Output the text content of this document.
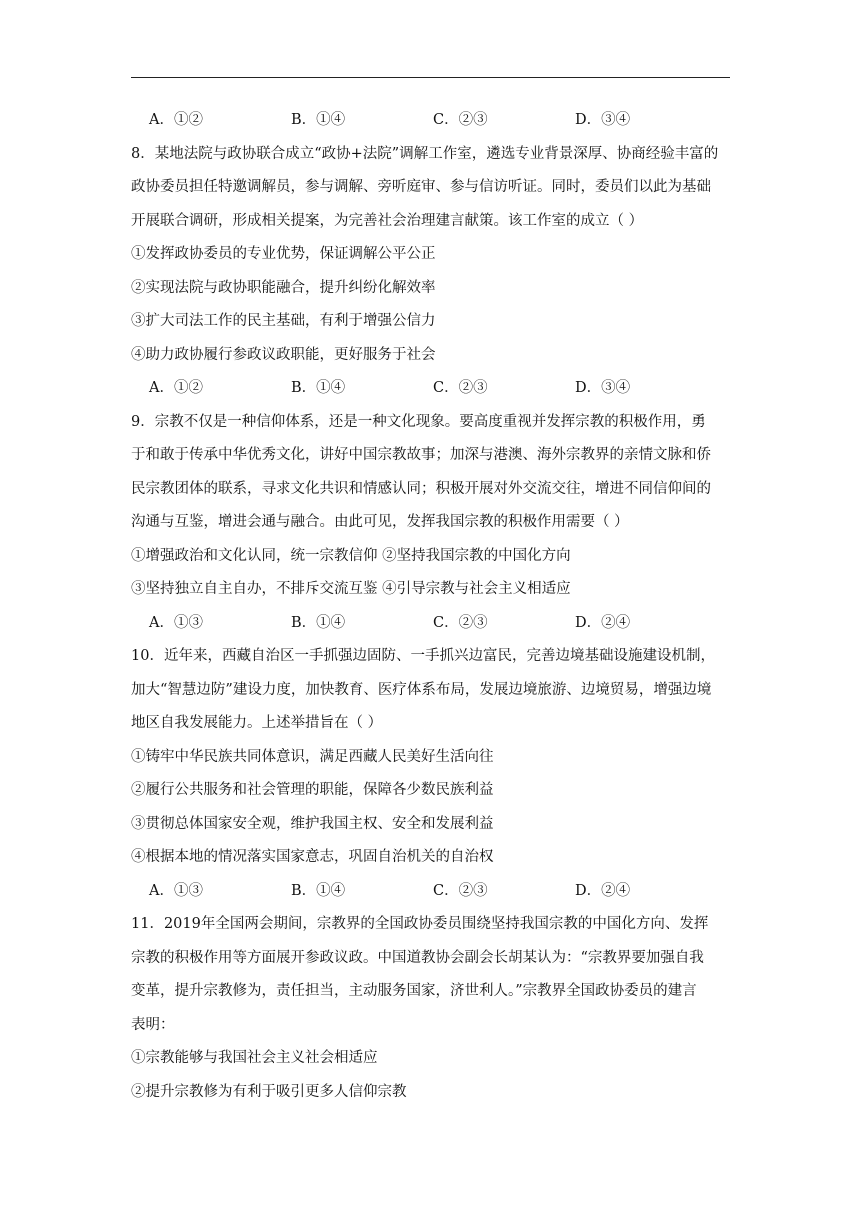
A．①②	B．①④	C．②③	D．③④
8．某地法院与政协联合成立“政协+法院”调解工作室，遴选专业背景深厚、协商经验丰富的
政协委员担任特邀调解员，参与调解、旁听庭审、参与信访听证。同时，委员们以此为基础
开展联合调研，形成相关提案，为完善社会治理建言献策。该工作室的成立（ ）
①发挥政协委员的专业优势，保证调解公平公正
②实现法院与政协职能融合，提升纠纷化解效率
③扩大司法工作的民主基础，有利于增强公信力
④助力政协履行参政议政职能，更好服务于社会
A．①②	B．①④	C．②③	D．③④
9．宗教不仅是一种信仰体系，还是一种文化现象。要高度重视并发挥宗教的积极作用，勇
于和敢于传承中华优秀文化，讲好中国宗教故事；加深与港澳、海外宗教界的亲情文脉和侨
民宗教团体的联系，寻求文化共识和情感认同；积极开展对外交流交往，增进不同信仰间的
沟通与互鉴，增进会通与融合。由此可见，发挥我国宗教的积极作用需要（ ）
①增强政治和文化认同，统一宗教信仰 ②坚持我国宗教的中国化方向
③坚持独立自主自办，不排斥交流互鉴 ④引导宗教与社会主义相适应
A．①③	B．①④	C．②③	D．②④
10．近年来，西藏自治区一手抓强边固防、一手抓兴边富民，完善边境基础设施建设机制，
加大“智慧边防”建设力度，加快教育、医疗体系布局，发展边境旅游、边境贸易，增强边境
地区自我发展能力。上述举措旨在（ ）
①铸牢中华民族共同体意识，满足西藏人民美好生活向往
②履行公共服务和社会管理的职能，保障各少数民族利益
③贯彻总体国家安全观，维护我国主权、安全和发展利益
④根据本地的情况落实国家意志，巩固自治机关的自治权
A．①③	B．①④	C．②③	D．②④
11．2019年全国两会期间，宗教界的全国政协委员围绕坚持我国宗教的中国化方向、发挥
宗教的积极作用等方面展开参政议政。中国道教协会副会长胡某认为：“宗教界要加强自我
变革，提升宗教修为，责任担当，主动服务国家，济世利人。”宗教界全国政协委员的建言
表明：
①宗教能够与我国社会主义社会相适应
②提升宗教修为有利于吸引更多人信仰宗教
